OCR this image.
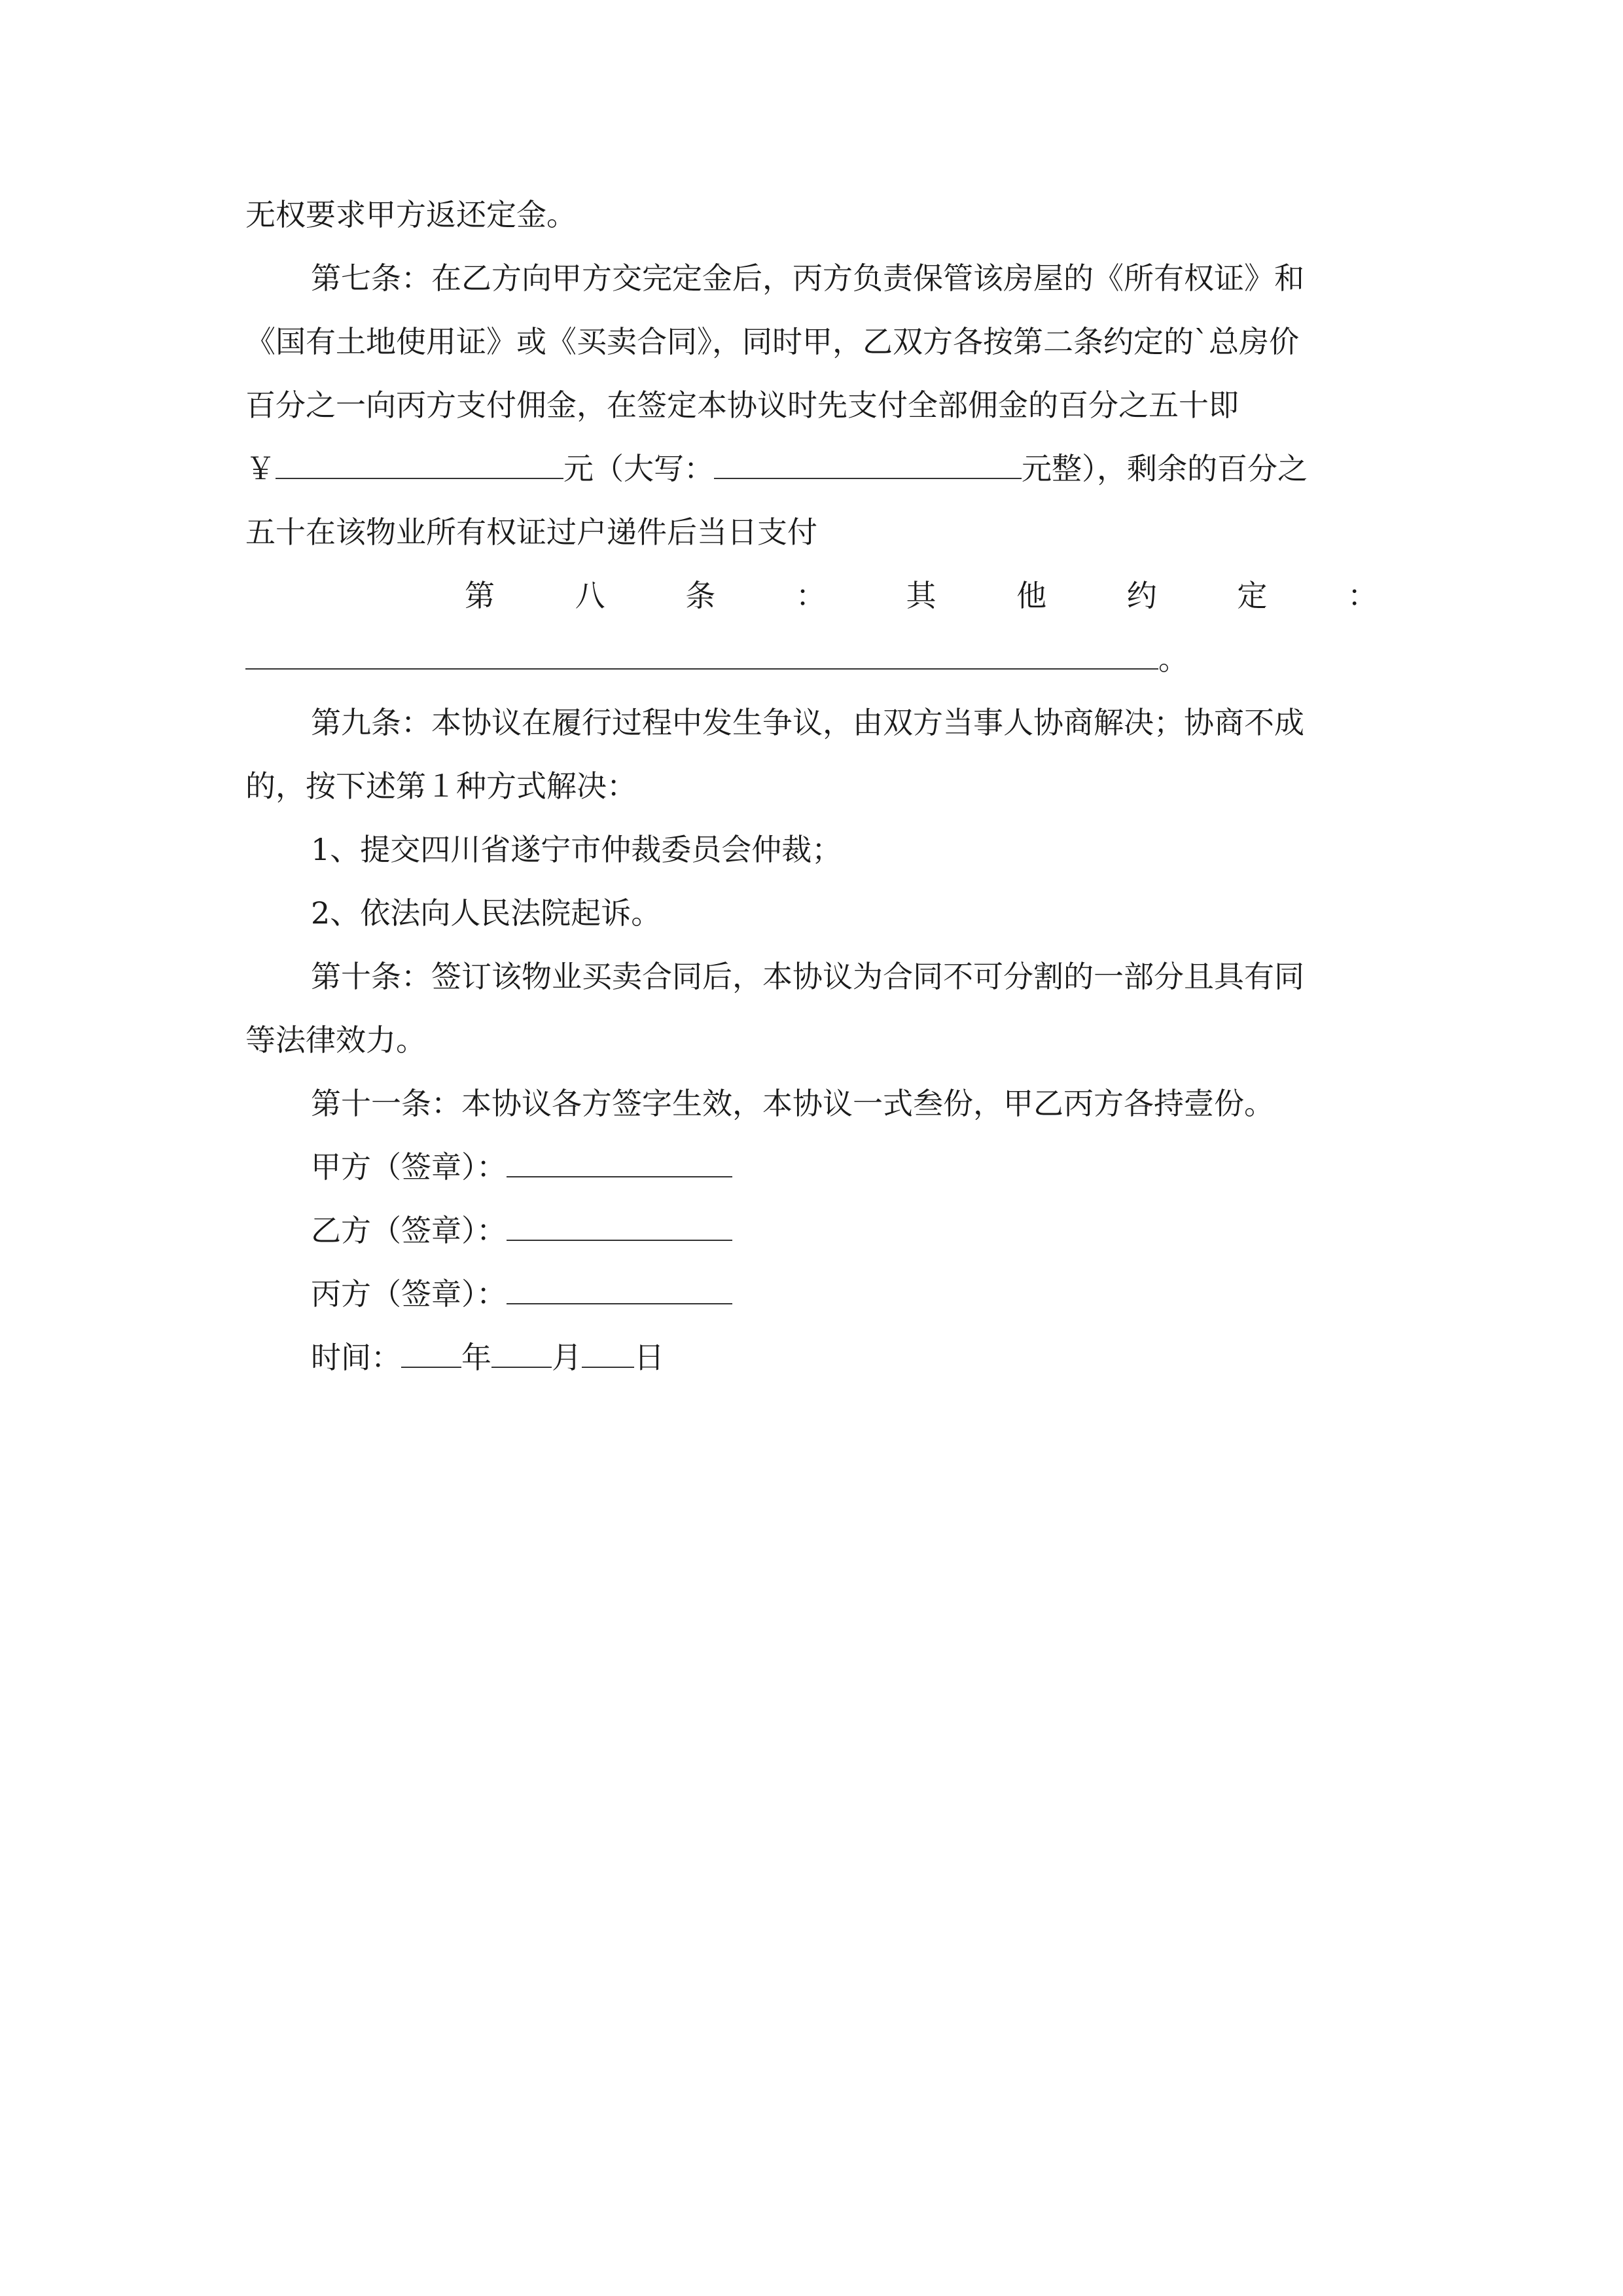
无权要求甲方返还定金。
第七条：在乙方向甲方交完定金后，丙方负责保管该房屋的《所有权证》和
《国有土地使用证》或《买卖合同》，同时甲，乙双方各按第二条约定的`总房价
百分之一向丙方支付佣金，在签定本协议时先支付全部佣金的百分之五十即
￥	元（大写：	元整），剩余的百分之
五十在该物业所有权证过户递件后当日支付
第	八	条	：	其	他	约	定	：
。
第九条：本协议在履行过程中发生争议，由双方当事人协商解决；协商不成
的，按下述第１种方式解决：
1、提交四川省遂宁市仲裁委员会仲裁；
2、依法向人民法院起诉。
第十条：签订该物业买卖合同后，本协议为合同不可分割的一部分且具有同
等法律效力。
第十一条：本协议各方签字生效，本协议一式叁份，甲乙丙方各持壹份。
甲方（签章）：
乙方（签章）：
丙方（签章）：
时间： 年 月 日
